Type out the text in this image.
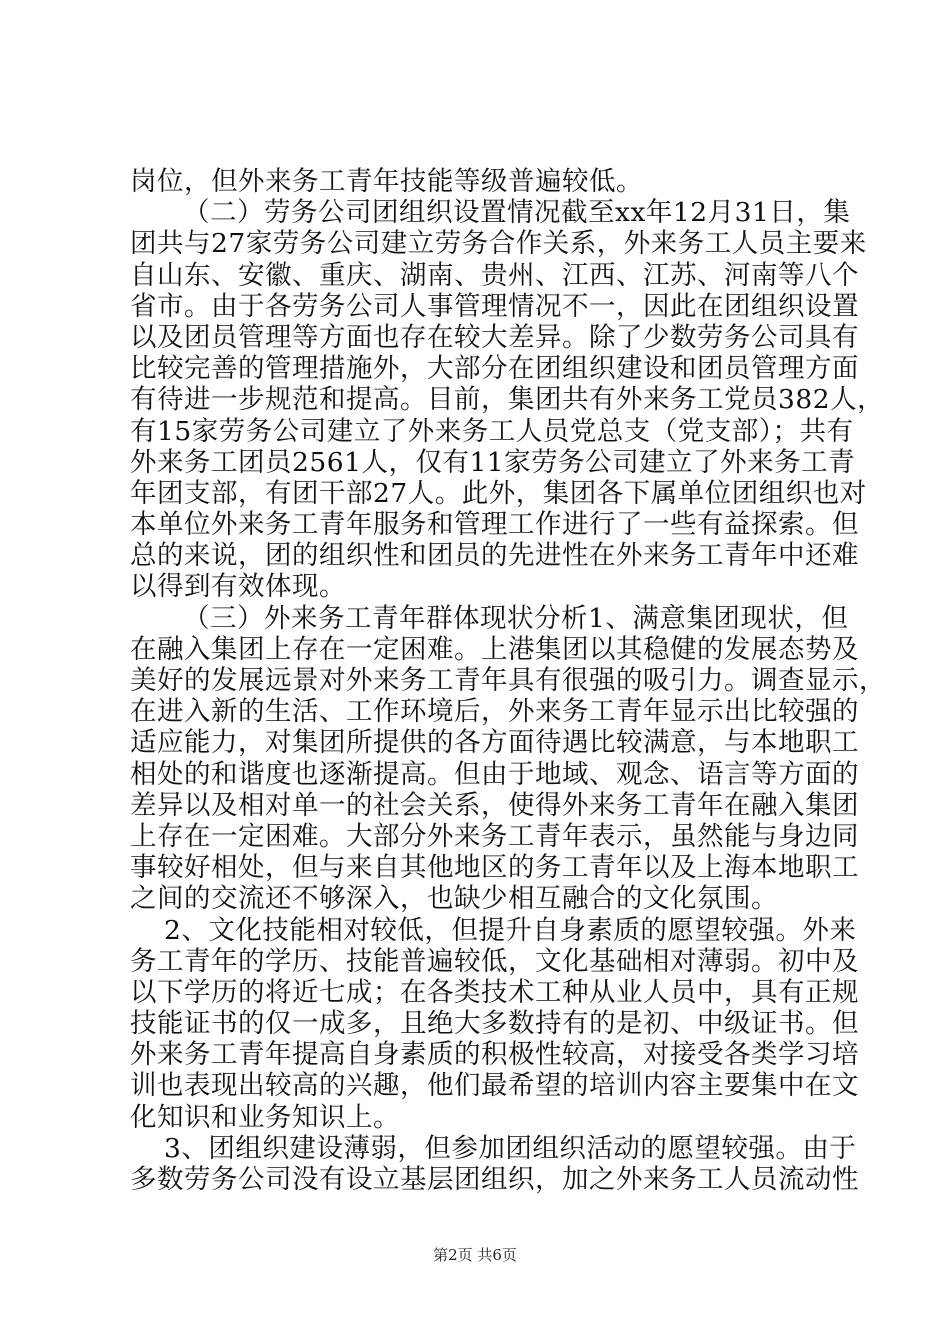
岗位，但外来务工青年技能等级普遍较低。
（二）劳务公司团组织设置情况截至xx年12月31日，集
团共与27家劳务公司建立劳务合作关系，外来务工人员主要来
自山东、安徽、重庆、湖南、贵州、江西、江苏、河南等八个
省市。由于各劳务公司人事管理情况不一，因此在团组织设置
以及团员管理等方面也存在较大差异。除了少数劳务公司具有
比较完善的管理措施外，大部分在团组织建设和团员管理方面
有待进一步规范和提高。目前，集团共有外来务工党员382人，
有15家劳务公司建立了外来务工人员党总支（党支部）；共有
外来务工团员2561人，仅有11家劳务公司建立了外来务工青
年团支部，有团干部27人。此外，集团各下属单位团组织也对
本单位外来务工青年服务和管理工作进行了一些有益探索。但
总的来说，团的组织性和团员的先进性在外来务工青年中还难
以得到有效体现。
（三）外来务工青年群体现状分析1、满意集团现状，但
在融入集团上存在一定困难。上港集团以其稳健的发展态势及
美好的发展远景对外来务工青年具有很强的吸引力。调查显示，
在进入新的生活、工作环境后，外来务工青年显示出比较强的
适应能力，对集团所提供的各方面待遇比较满意，与本地职工
相处的和谐度也逐渐提高。但由于地域、观念、语言等方面的
差异以及相对单一的社会关系，使得外来务工青年在融入集团
上存在一定困难。大部分外来务工青年表示，虽然能与身边同
事较好相处，但与来自其他地区的务工青年以及上海本地职工
之间的交流还不够深入，也缺少相互融合的文化氛围。
2、文化技能相对较低，但提升自身素质的愿望较强。外来
务工青年的学历、技能普遍较低，文化基础相对薄弱。初中及
以下学历的将近七成；在各类技术工种从业人员中，具有正规
技能证书的仅一成多，且绝大多数持有的是初、中级证书。但
外来务工青年提高自身素质的积极性较高，对接受各类学习培
训也表现出较高的兴趣，他们最希望的培训内容主要集中在文
化知识和业务知识上。
3、团组织建设薄弱，但参加团组织活动的愿望较强。由于
多数劳务公司没有设立基层团组织，加之外来务工人员流动性
第2页 共6页
